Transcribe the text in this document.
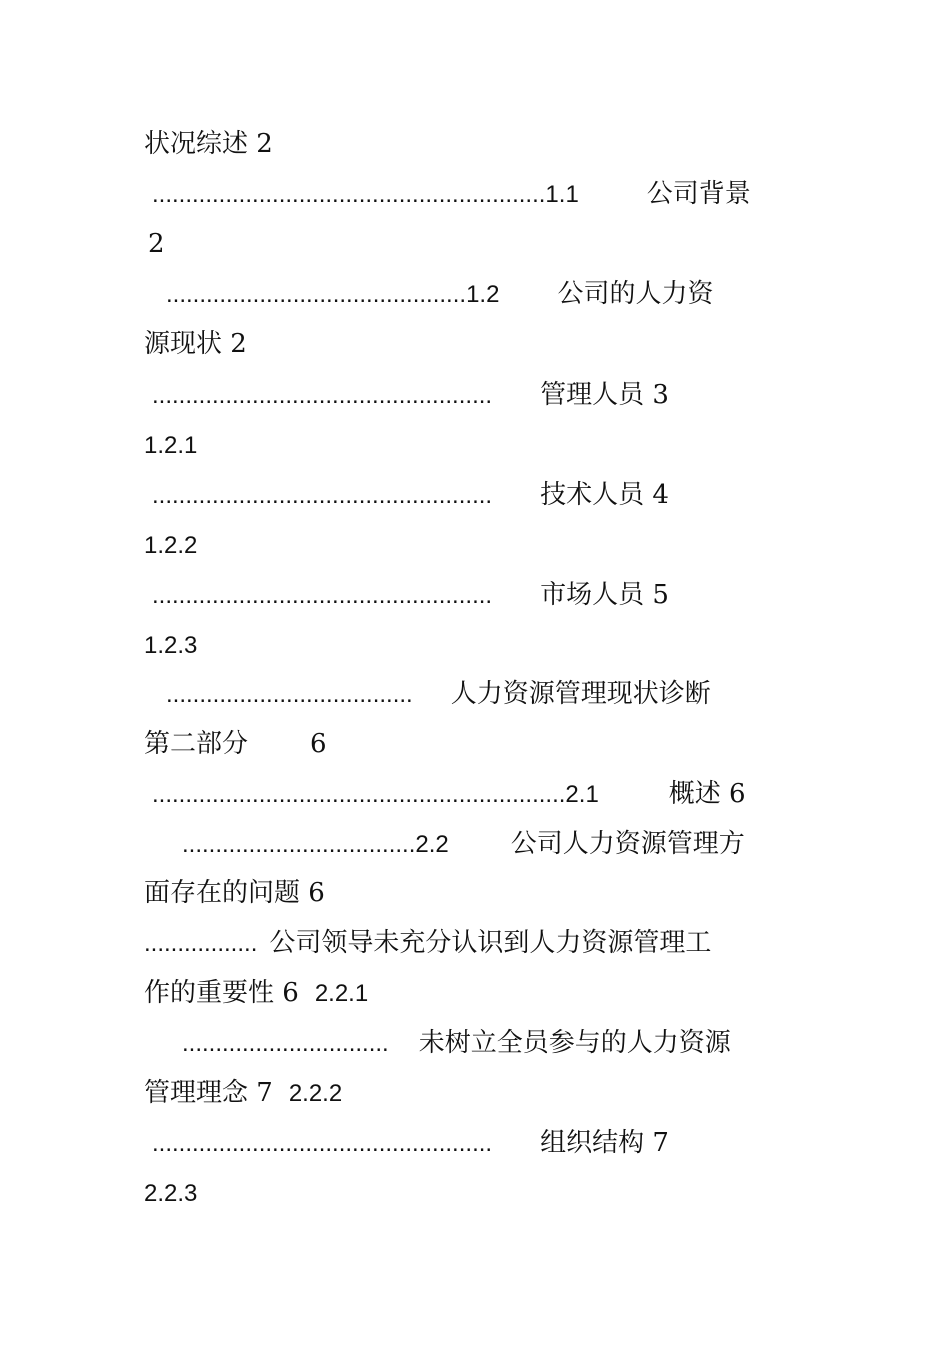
状况综述 2
...........................................................1.1	公司背景
2
.............................................1.2 公司的人力资
源现状 2
................................................... 管理人员 3
1.2.1
................................................... 技术人员 4
1.2.2
................................................... 市场人员 5
1.2.3
..................................... 人力资源管理现状诊断
第二部分 6
..............................................................2.1	概述 6
...................................2.2 公司人力资源管理方
面存在的问题 6
................. 公司领导未充分认识到人力资源管理工
作的重要性 6 2.2.1
............................... 未树立全员参与的人力资源
管理理念 7 2.2.2
................................................... 组织结构 7
2.2.3
